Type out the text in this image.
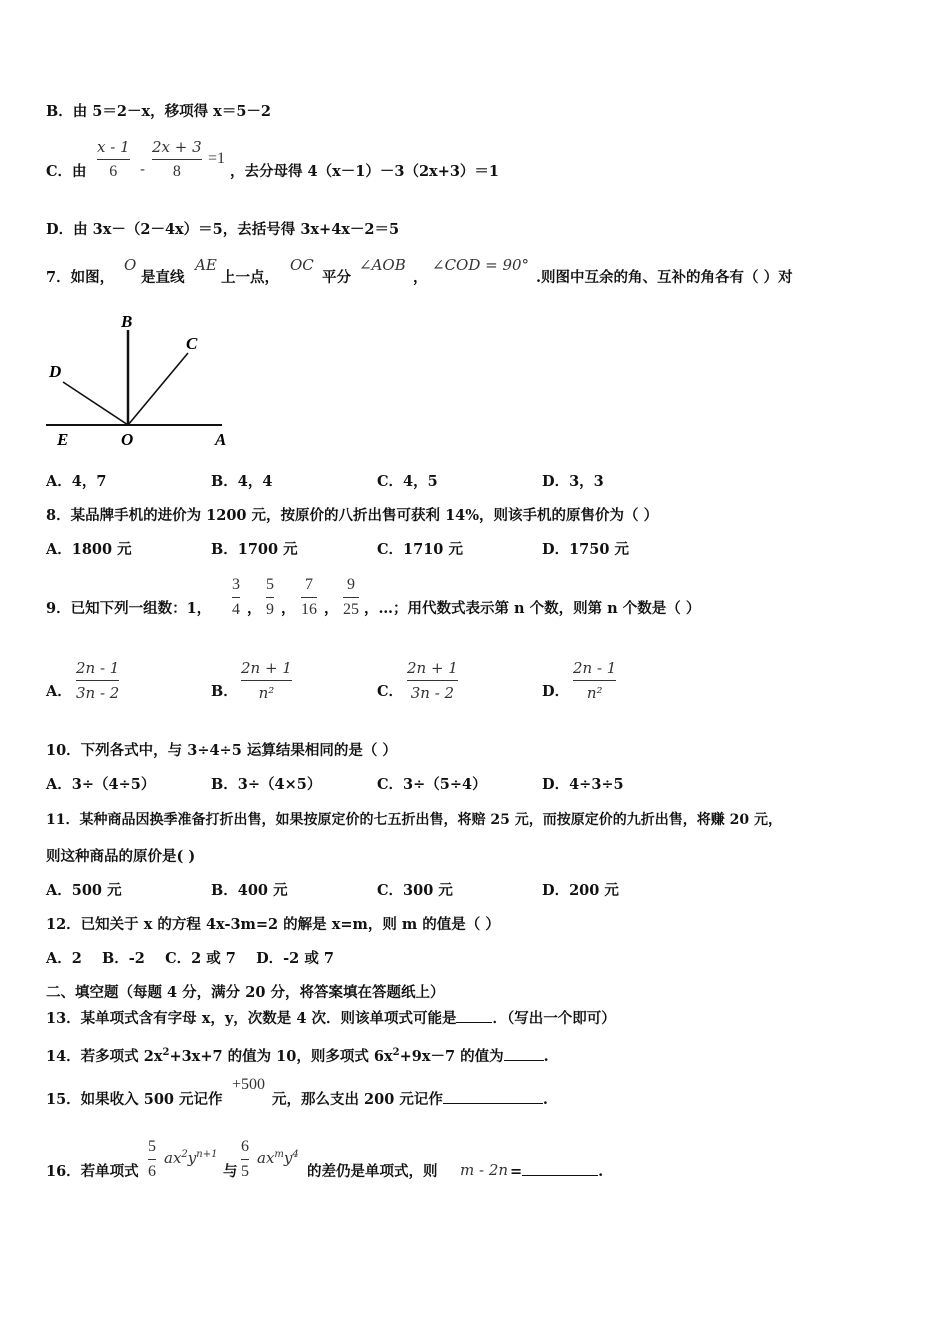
B．由 5＝2－x，移项得 x＝5－2
C．由
x - 1
6 -
2x + 3
8
=1
，去分母得 4（x－1）－3（2x+3）＝1
D．由 3x－（2－4x）＝5，去括号得 3x+4x－2＝5
7．如图，
O
是直线
AE
上一点，
OC
平分
∠AOB
，
∠COD = 90°
.则图中互余的角、互补的角各有（ ）对
B
C
D
E	O	A
A．4，7	B．4，4	C．4，5	D．3，3
8．某品牌手机的进价为 1200 元，按原价的八折出售可获利 14%，则该手机的原售价为（ ）
A．1800 元	B．1700 元	C．1710 元	D．1750 元
9．已知下列一组数：1，
3
4 ，
5
9 ，
7
16 ，
9
25 ，…；用代数式表示第 n 个数，则第 n 个数是（ ）
A．
2n - 1
3n - 2	B．
2n + 1
n²	C．
2n + 1
3n - 2	D．
2n - 1
n²
10．下列各式中，与 3÷4÷5 运算结果相同的是（ ）
A．3÷（4÷5）	B．3÷（4×5）	C．3÷（5÷4）	D．4÷3÷5
11．某种商品因换季准备打折出售，如果按原定价的七五折出售，将赔 25 元，而按原定价的九折出售，将赚 20 元，
则这种商品的原价是( )
A．500 元	B．400 元	C．300 元	D．200 元
12．已知关于 x 的方程 4x-3m=2 的解是 x=m，则 m 的值是（ ）
A．2    B．-2    C．2 或 7    D．-2 或 7
二、填空题（每题 4 分，满分 20 分，将答案填在答题纸上）
13．某单项式含有字母 x，y，次数是 4 次．则该单项式可能是 ．（写出一个即可）
14．若多项式 $2x^2+3x+7$ 的值为 10，则多项式 $6x^2+9x-7$ 的值为	.
15．如果收入 500 元记作
+500
元，那么支出 200 元记作	.
16．若单项式
5
6
$ax^2y^{n+1}$
与
6
5
$ax^my^4$
的差仍是单项式，则 m - 2n =	.
